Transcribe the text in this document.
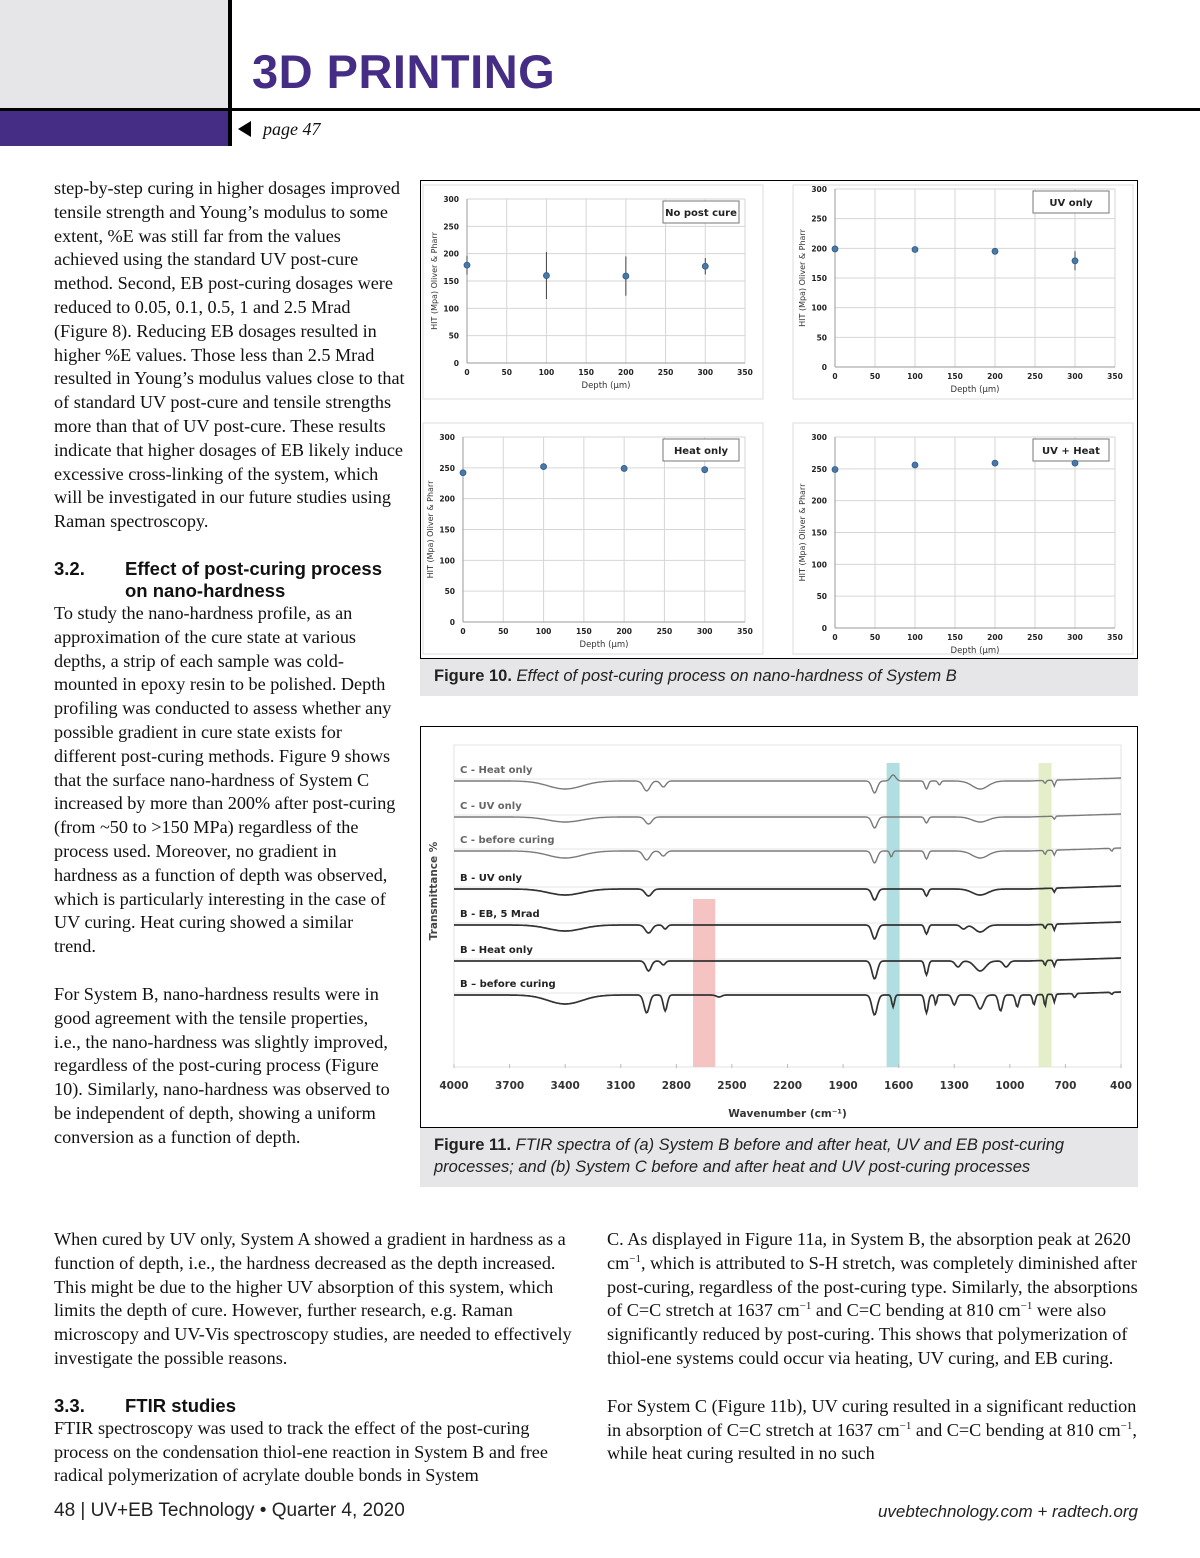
3D PRINTING
page 47

step-by-step curing in higher dosages improved tensile strength and Young’s modulus to some extent, %E was still far from the values achieved using the standard UV post-cure method. Second, EB post-curing dosages were reduced to 0.05, 0.1, 0.5, 1 and 2.5 Mrad (Figure 8). Reducing EB dosages resulted in higher %E values. Those less than 2.5 Mrad resulted in Young’s modulus values close to that of standard UV post-cure and tensile strengths more than that of UV post-cure. These results indicate that higher dosages of EB likely induce excessive cross-linking of the system, which will be investigated in our future studies using Raman spectroscopy.

3.2.	Effect of post-curing process on nano-hardness

To study the nano-hardness profile, as an approximation of the cure state at various depths, a strip of each sample was cold-mounted in epoxy resin to be polished. Depth profiling was conducted to assess whether any possible gradient in cure state exists for different post-curing methods. Figure 9 shows that the surface nano-hardness of System C increased by more than 200% after post-curing (from ~50 to >150 MPa) regardless of the process used. Moreover, no gradient in hardness as a function of depth was observed, which is particularly interesting in the case of UV curing. Heat curing showed a similar trend.

For System B, nano-hardness results were in good agreement with the tensile properties, i.e., the nano-hardness was slightly improved, regardless of the post-curing process (Figure 10). Similarly, nano-hardness was observed to be independent of depth, showing a uniform conversion as a function of depth.

0
50
100
150
200
250
300
0	50	100	150	200	250	300	350
Depth (μm)
HIT (Mpa) Oliver & Pharr
No post cure
0
50
100
150
200
250
300
0	50	100	150	200	250	300	350
Depth (μm)
HIT (Mpa) Oliver & Pharr
UV only
0
50
100
150
200
250
300
0	50	100	150	200	250	300	350
Depth (μm)
HIT (Mpa) Oliver & Pharr
Heat only
0
50
100
150
200
250
300
0	50	100	150	200	250	300	350
Depth (μm)
HIT (Mpa) Oliver & Pharr
UV + Heat
Figure 10. Effect of post-curing process on nano-hardness of System B
C - Heat only
C - UV only
C - before curing
B - UV only
B - EB, 5 Mrad
B - Heat only
B – before curing
4000	3700	3400	3100	2800	2500	2200	1900	1600	1300	1000	700	400
Wavenumber (cm⁻¹)
Transmittance %
Figure 11. FTIR spectra of (a) System B before and after heat, UV and EB post-curing processes; and (b) System C before and after heat and UV post-curing processes

When cured by UV only, System A showed a gradient in hardness as a function of depth, i.e., the hardness decreased as the depth increased. This might be due to the higher UV absorption of this system, which limits the depth of cure. However, further research, e.g. Raman microscopy and UV-Vis spectroscopy studies, are needed to effectively investigate the possible reasons.

3.3.	FTIR studies

FTIR spectroscopy was used to track the effect of the post-curing process on the condensation thiol-ene reaction in System B and free radical polymerization of acrylate double bonds in System

C. As displayed in Figure 11a, in System B, the absorption peak at 2620 $cm^{-1}$, which is attributed to S-H stretch, was completely diminished after post-curing, regardless of the post-curing type. Similarly, the absorptions of C=C stretch at 1637 $cm^{-1}$ and C=C bending at 810 $cm^{-1}$ were also significantly reduced by post-curing. This shows that polymerization of thiol-ene systems could occur via heating, UV curing, and EB curing.

For System C (Figure 11b), UV curing resulted in a significant reduction in absorption of C=C stretch at 1637 $cm^{-1}$ and C=C bending at 810 $cm^{-1}$, while heat curing resulted in no such

48 | UV+EB Technology • Quarter 4, 2020	uvebtechnology.com + radtech.org
